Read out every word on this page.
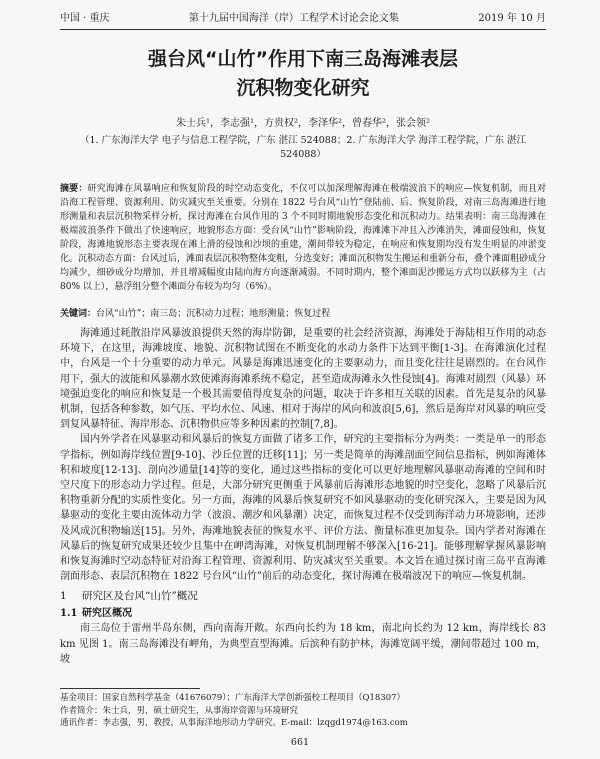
中国 · 重庆	第十九届中国海洋（岸）工程学术讨论会论文集	2019 年 10 月
强台风“山竹”作用下南三岛海滩表层
沉积物变化研究
朱士兵¹，李志强¹，方贵权²，李泽华²，曾春华²，张会领²
（1. 广东海洋大学 电子与信息工程学院，广东 湛江 524088；2. 广东海洋大学 海洋工程学院，广东 湛江 524088）

摘要：研究海滩在风暴响应和恢复阶段的时空动态变化，不仅可以加深理解海滩在极端波浪下的响应—恢复机制，而且对沿海工程管理、资源利用、防灾减灾至关重要。分别在 1822 号台风“山竹”登陆前、后、恢复阶段，对南三岛海滩进行地形测量和表层沉积物采样分析，探讨海滩在台风作用的 3 个不同时期地貌形态变化和沉积动力。结果表明：南三岛海滩在极端波浪条件下做出了快速响应，地貌形态方面：受台风“山竹”影响阶段，海滩滩下冲且入沙滩消失，滩面侵蚀和，恢复阶段，海滩地貌形态主要表现在滩上滑的侵蚀和沙坝的重建，潮间带较为稳定，在响应和恢复期均没有发生明显的冲淤变化。沉积动态方面：台风过后，滩面表层沉积物整体变粗，分选变好；滩面沉积物发生搬运和重新分布，叠个滩面粗砂成分均减少，细砂成分均增加，并且增减幅度由陆向海方向逐渐减弱。不同时期内，整个滩面泥沙搬运方式均以跃移为主（占 80% 以上），悬浮组分整个滩面分布较为均匀（6%）。

关键词：台风“山竹”；南三岛；沉积动力过程；地形测量；恢复过程

海滩通过耗散沿岸风暴波浪提供天然的海岸防御，是重要的社会经济资源，海滩处于海陆相互作用的动态环境下，在这里，海滩坡度、地貌、沉积物试图在不断变化的水动力条件下达到平衡[1-3]。在海滩演化过程中，台风是一个十分重要的动力单元。风暴是海滩迅速变化的主要驱动力，而且变化往往是剧烈的。在台风作用下，强大的波能和风暴潮水致使滩海海滩系统不稳定，甚至造成海滩永久性侵蚀[4]。海滩对剧烈（风暴）环境强迫变化的响应和恢复是一个极其需要值得度复杂的问题，取决于许多相互关联的因素。首先是复杂的风暴机制，包括各种参数，如气压、平均水位、风速、相对于海岸的风向和波浪[5,6]，然后是海岸对风暴的响应受到复风暴特征、海岸形态、沉积物供应等多种因素的控制[7,8]。

国内外学者在风暴驱动和风暴后的恢复方面做了诸多工作，研究的主要指标分为两类：一类是单一的形态学指标，例如海岸线位置[9-10]、沙丘位置的迁移[11]；另一类是简单的海滩剖面空间信息指标，例如海滩体积和坡度[12-13]、剖向沙通量[14]等的变化，通过这些指标的变化可以更好地理解风暴驱动海滩的空间和时空尺度下的形态动力学过程。但是，大部分研究更侧重于风暴前后海滩形态地貌的时空变化，忽略了风暴后沉积物重新分配的实质性变化。另一方面，海滩的风暴后恢复研究不如风暴驱动的变化研究深入，主要是因为风暴驱动的变化主要由流体动力学（波浪、潮汐和风暴潮）决定，而恢复过程不仅受到海洋动力环境影响，还涉及风成沉积物输送[15]。另外，海滩地貌表征的恢复水平、评价方法、衡量标准更加复杂。国内学者对海滩在风暴后的恢复研究成果还较少且集中在岬湾海滩，对恢复机制理解不够深入[16-21]。能够理解掌握风暴影响和恢复海滩时空动态特征对沿海工程管理、资源利用、防灾减灾至关重要。本文旨在通过探讨南三岛平直海滩剖面形态、表层沉积物在 1822 号台风“山竹”前后的动态变化，探讨海滩在极端波况下的响应—恢复机制。

1 研究区及台风“山竹”概况
1.1 研究区概况

南三岛位于雷州半岛东侧，西向南海开敞。东西向长约为 18 km，南北向长约为 12 km，海岸线长 83 km 见图 1。南三岛海滩没有岬角，为典型直型海滩。后滨种有防护林，海滩宽阔平缓，潮间带超过 100 m，坡

基金项目：国家自然科学基金（41676079）；广东海洋大学创新强校工程项目（Q18307）
作者简介：朱士兵，男，硕士研究生，从事海岸资源与环境研究
通讯作者：李志强，男，教授，从事海洋地形动力学研究。E-mail：lzqgd1974@163.com
661
